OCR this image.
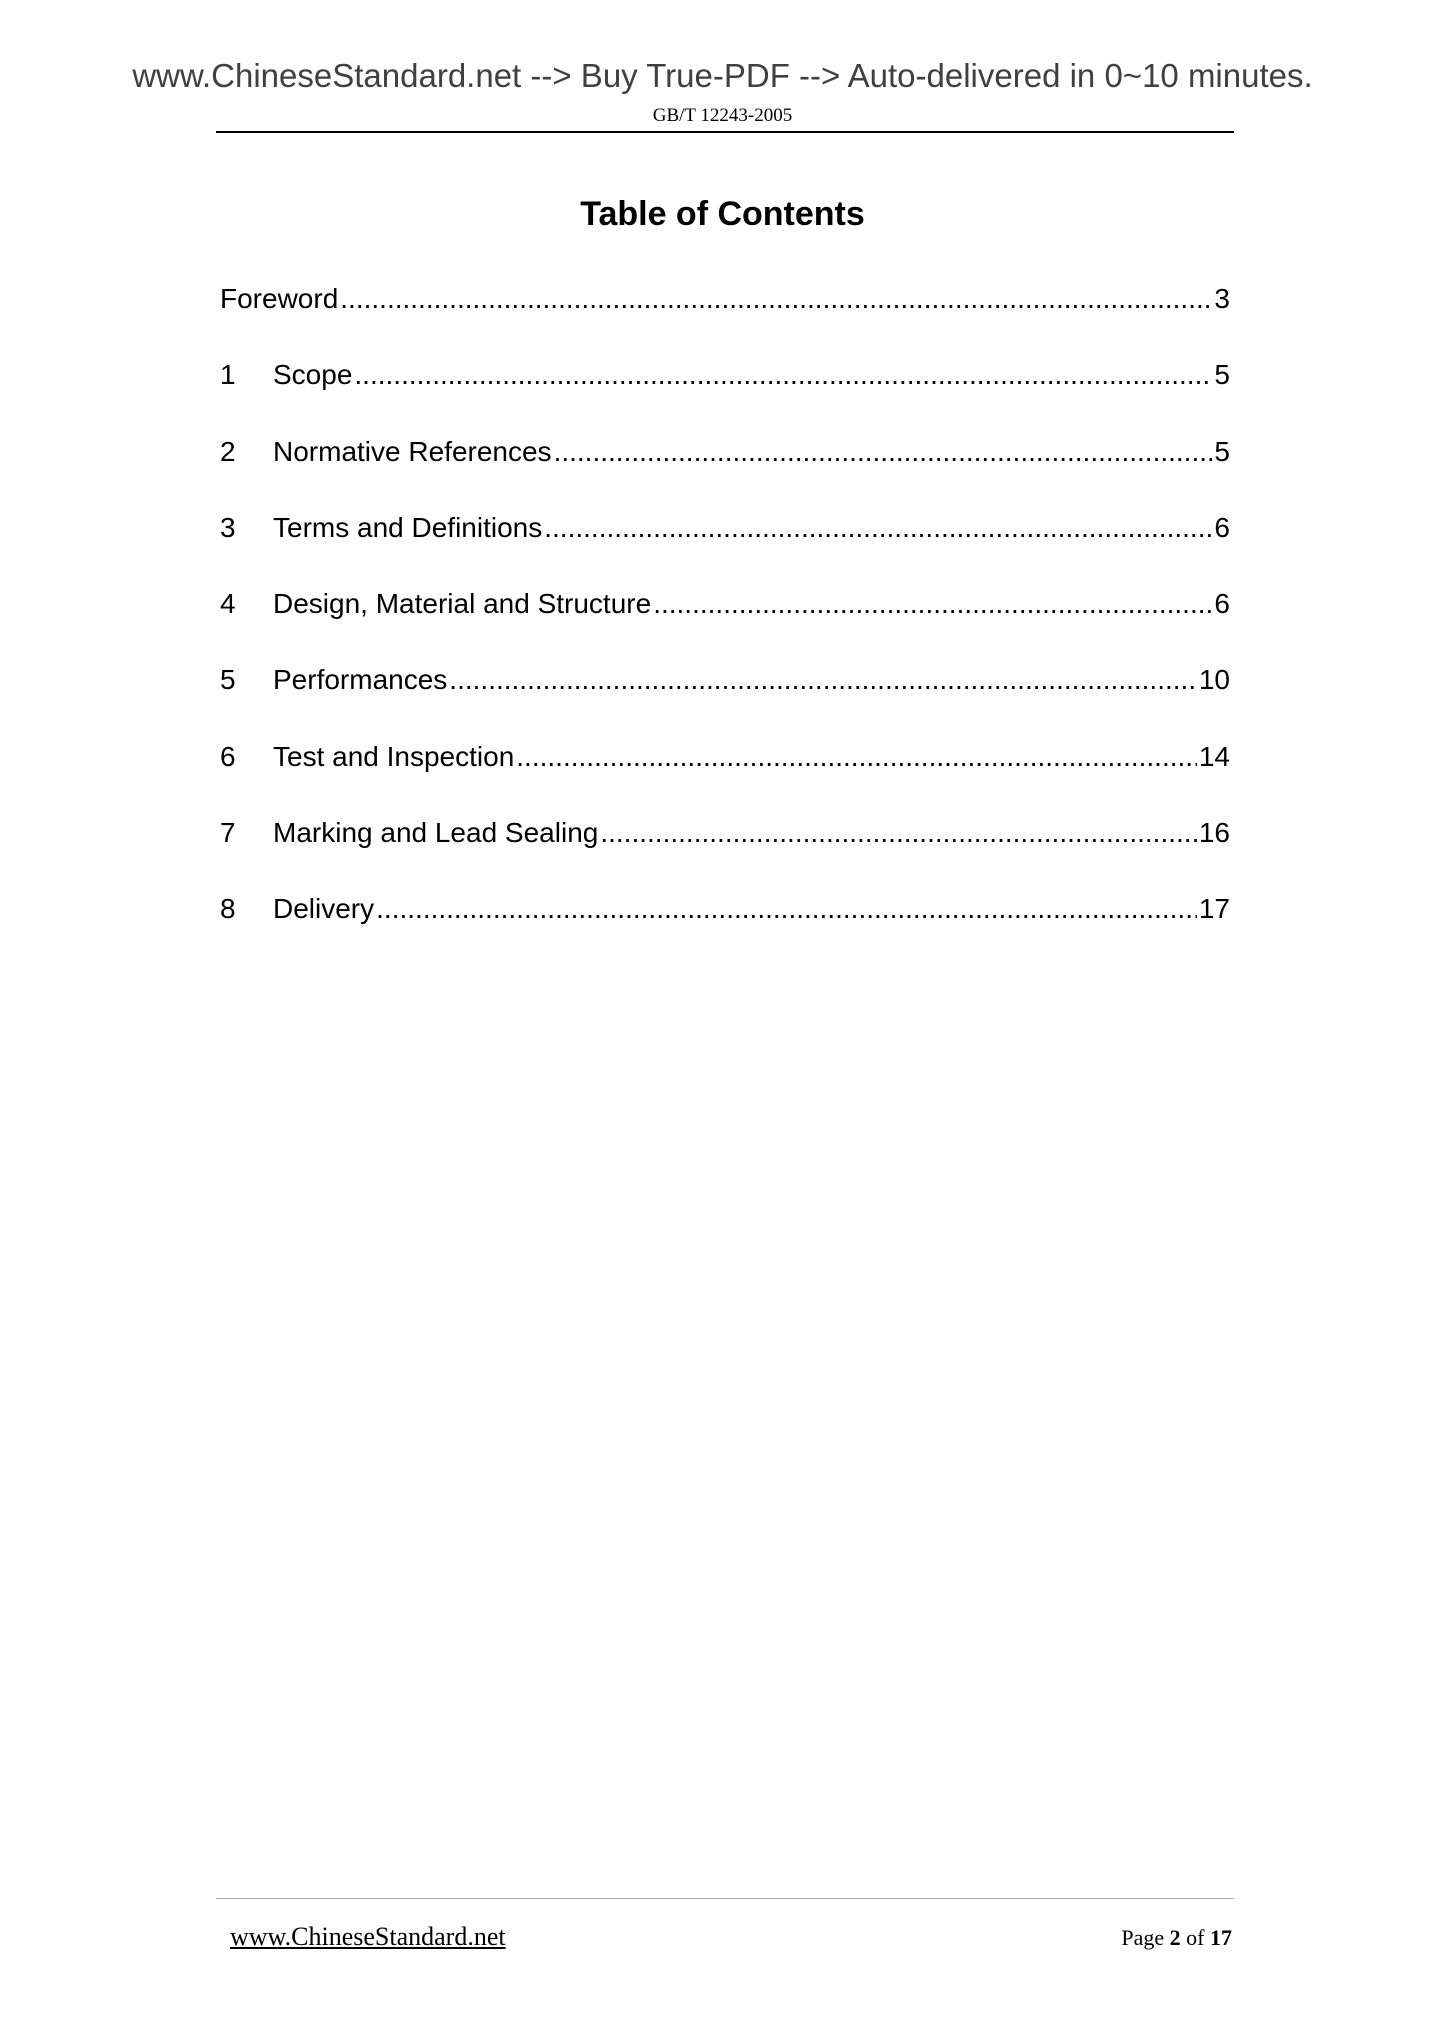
www.ChineseStandard.net --> Buy True-PDF --> Auto-delivered in 0~10 minutes.
GB/T 12243-2005
Table of Contents
Foreword .....	3
1	Scope .....	5
2	Normative References .....	5
3	Terms and Definitions .....	6
4	Design, Material and Structure .....	6
5	Performances .....	10
6	Test and Inspection .....	14
7	Marking and Lead Sealing .....	16
8	Delivery .....	17
www.ChineseStandard.net	Page 2 of 17
